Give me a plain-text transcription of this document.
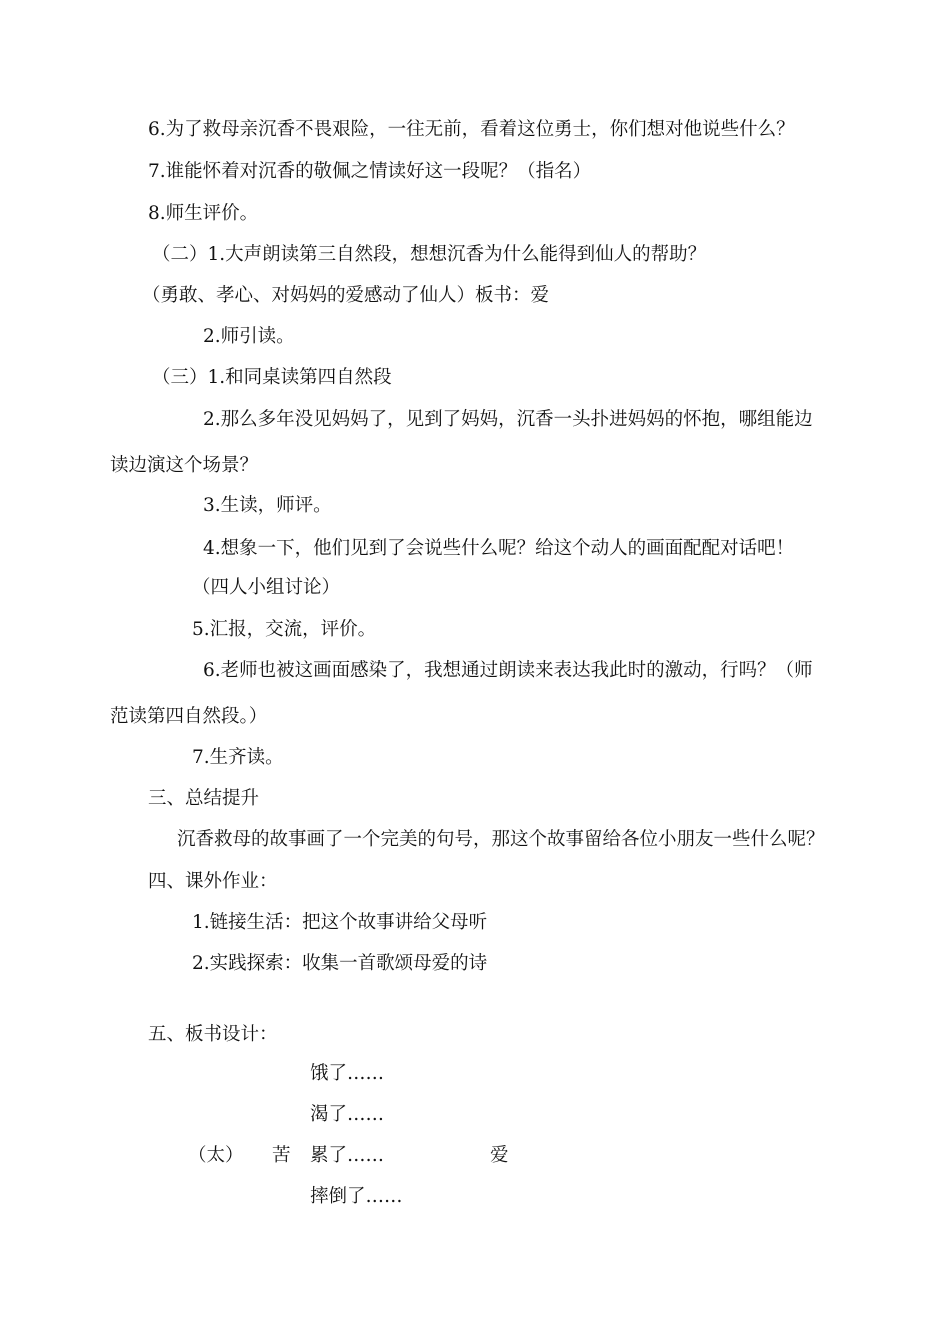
6.为了救母亲沉香不畏艰险，一往无前，看着这位勇士，你们想对他说些什么？
7.谁能怀着对沉香的敬佩之情读好这一段呢？（指名）
8.师生评价。
（二）1.大声朗读第三自然段，想想沉香为什么能得到仙人的帮助？
（勇敢、孝心、对妈妈的爱感动了仙人）板书：爱
2.师引读。
（三）1.和同桌读第四自然段
2.那么多年没见妈妈了，见到了妈妈，沉香一头扑进妈妈的怀抱，哪组能边
读边演这个场景？
3.生读，师评。
4.想象一下，他们见到了会说些什么呢？给这个动人的画面配配对话吧！
（四人小组讨论）
5.汇报，交流，评价。
6.老师也被这画面感染了，我想通过朗读来表达我此时的激动，行吗？（师
范读第四自然段。）
7.生齐读。
三、总结提升
沉香救母的故事画了一个完美的句号，那这个故事留给各位小朋友一些什么呢？
四、课外作业：
1.链接生活：把这个故事讲给父母听
2.实践探索：收集一首歌颂母爱的诗
五、板书设计：
饿了……
渴了……
（太） 苦 累了……	爱
摔倒了……
